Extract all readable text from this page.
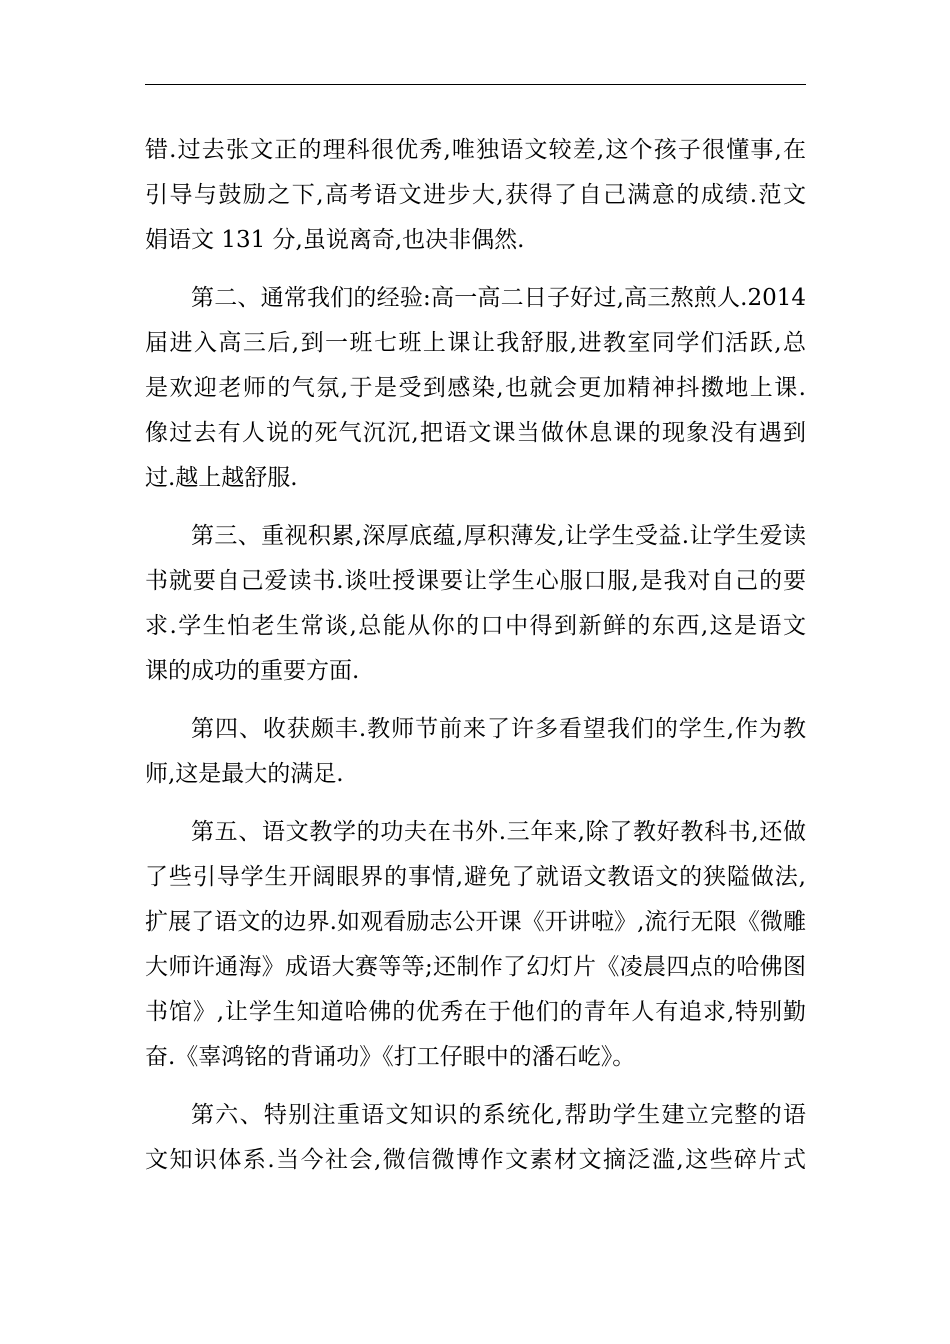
错.过去张文正的理科很优秀,唯独语文较差,这个孩子很懂事,在
引导与鼓励之下,高考语文进步大,获得了自己满意的成绩.范文
娟语文 131 分,虽说离奇,也决非偶然.
第二、通常我们的经验:高一高二日子好过,高三熬煎人.2014
届进入高三后,到一班七班上课让我舒服,进教室同学们活跃,总
是欢迎老师的气氛,于是受到感染,也就会更加精神抖擞地上课.
像过去有人说的死气沉沉,把语文课当做休息课的现象没有遇到
过.越上越舒服.
第三、重视积累,深厚底蕴,厚积薄发,让学生受益.让学生爱读
书就要自己爱读书.谈吐授课要让学生心服口服,是我对自己的要
求.学生怕老生常谈,总能从你的口中得到新鲜的东西,这是语文
课的成功的重要方面.
第四、收获颇丰.教师节前来了许多看望我们的学生,作为教
师,这是最大的满足.
第五、语文教学的功夫在书外.三年来,除了教好教科书,还做
了些引导学生开阔眼界的事情,避免了就语文教语文的狭隘做法,
扩展了语文的边界.如观看励志公开课《开讲啦》,流行无限《微雕
大师许通海》成语大赛等等;还制作了幻灯片《凌晨四点的哈佛图
书馆》,让学生知道哈佛的优秀在于他们的青年人有追求,特别勤
奋.《辜鸿铭的背诵功》《打工仔眼中的潘石屹》。
第六、特别注重语文知识的系统化,帮助学生建立完整的语
文知识体系.当今社会,微信微博作文素材文摘泛滥,这些碎片式
